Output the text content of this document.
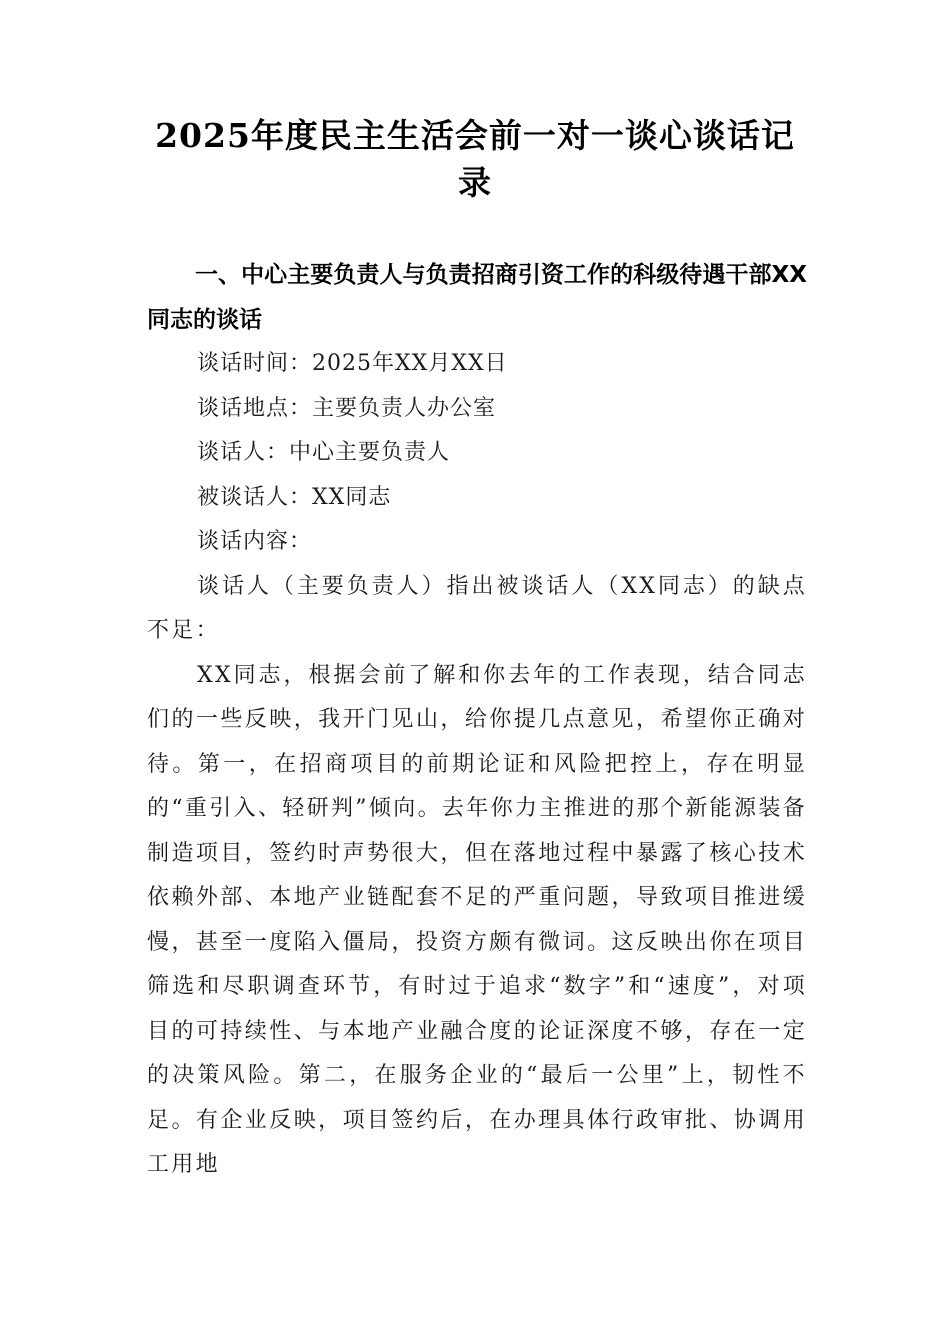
2025年度民主生活会前一对一谈心谈话记录

一、中心主要负责人与负责招商引资工作的科级待遇干部XX同志的谈话

谈话时间：2025年XX月XX日

谈话地点：主要负责人办公室

谈话人：中心主要负责人

被谈话人：XX同志

谈话内容：

谈话人（主要负责人）指出被谈话人（XX同志）的缺点不足：

XX同志，根据会前了解和你去年的工作表现，结合同志们的一些反映，我开门见山，给你提几点意见，希望你正确对待。第一，在招商项目的前期论证和风险把控上，存在明显的“重引入、轻研判”倾向。去年你力主推进的那个新能源装备制造项目，签约时声势很大，但在落地过程中暴露了核心技术依赖外部、本地产业链配套不足的严重问题，导致项目推进缓慢，甚至一度陷入僵局，投资方颇有微词。这反映出你在项目筛选和尽职调查环节，有时过于追求“数字”和“速度”，对项目的可持续性、与本地产业融合度的论证深度不够，存在一定的决策风险。第二，在服务企业的“最后一公里”上，韧性不足。有企业反映，项目签约后，在办理具体行政审批、协调用工用地
